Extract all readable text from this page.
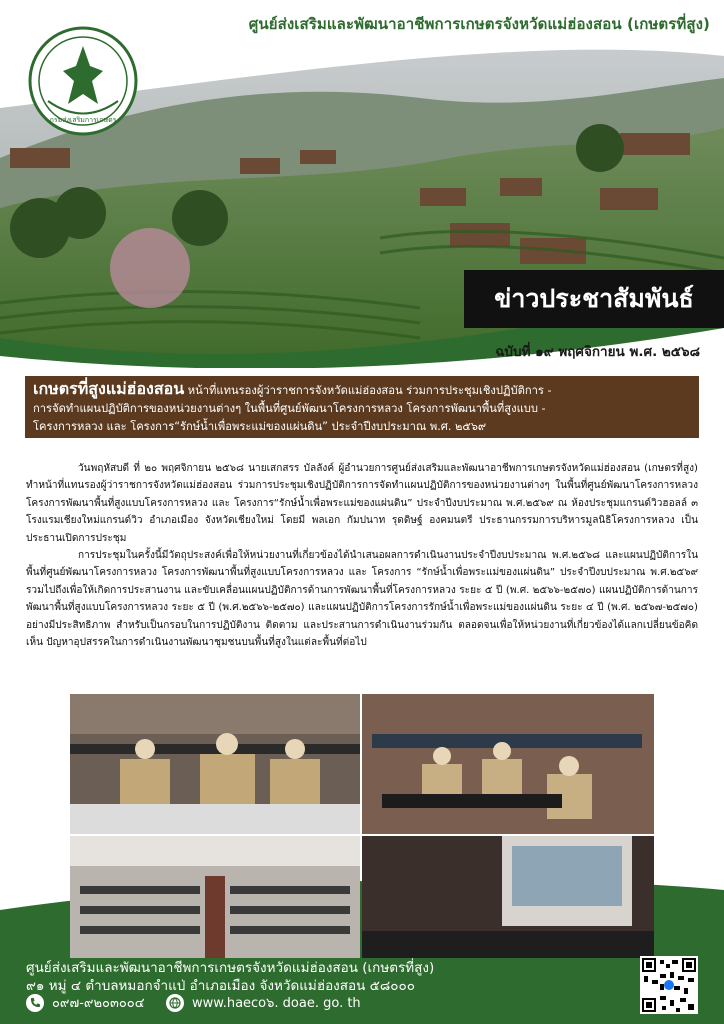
ศูนย์ส่งเสริมและพัฒนาอาชีพการเกษตรจังหวัดแม่ฮ่องสอน (เกษตรที่สูง)
กรมส่งเสริมการเกษตร
ข่าวประชาสัมพันธ์
ฉบับที่ ๑๙ พฤศจิกายน พ.ศ. ๒๕๖๘
เกษตรที่สูงแม่ฮ่องสอน หน้าที่แทนรองผู้ว่าราชการจังหวัดแม่ฮ่องสอน ร่วมการประชุมเชิงปฏิบัติการ -
การจัดทำแผนปฏิบัติการของหน่วยงานต่างๆ ในพื้นที่ศูนย์พัฒนาโครงการหลวง โครงการพัฒนาพื้นที่สูงแบบ -
โครงการหลวง และ โครงการ“รักษ์น้ำเพื่อพระแม่ของแผ่นดิน” ประจำปีงบประมาณ พ.ศ. ๒๕๖๙

วันพฤหัสบดี ที่ ๒๐ พฤศจิกายน ๒๕๖๘ นายเสกสรร บัลลังค์ ผู้อำนวยการศูนย์ส่งเสริมและพัฒนาอาชีพการเกษตรจังหวัดแม่ฮ่องสอน (เกษตรที่สูง) ทำหน้าที่แทนรองผู้ว่าราชการจังหวัดแม่ฮ่องสอน ร่วมการประชุมเชิงปฏิบัติการการจัดทำแผนปฏิบัติการของหน่วยงานต่างๆ ในพื้นที่ศูนย์พัฒนาโครงการหลวง โครงการพัฒนาพื้นที่สูงแบบโครงการหลวง และ โครงการ“รักษ์น้ำเพื่อพระแม่ของแผ่นดิน” ประจำปีงบประมาณ พ.ศ.๒๕๖๙ ณ ห้องประชุมแกรนด์วิวฮอลล์ ๓ โรงแรมเชียงใหม่แกรนด์วิว อำเภอเมือง จังหวัดเชียงใหม่ โดยมี พลเอก กัมปนาท รุดดิษฐ์ องคมนตรี ประธานกรรมการบริหารมูลนิธิโครงการหลวง เป็นประธานเปิดการประชุม

การประชุมในครั้งนี้มีวัตถุประสงค์เพื่อให้หน่วยงานที่เกี่ยวข้องได้นำเสนอผลการดำเนินงานประจำปีงบประมาณ พ.ศ.๒๕๖๘ และแผนปฏิบัติการในพื้นที่ศูนย์พัฒนาโครงการหลวง โครงการพัฒนาพื้นที่สูงแบบโครงการหลวง และ โครงการ “รักษ์น้ำเพื่อพระแม่ของแผ่นดิน” ประจำปีงบประมาณ พ.ศ.๒๕๖๙ รวมไปถึงเพื่อให้เกิดการประสานงาน และขับเคลื่อนแผนปฏิบัติการด้านการพัฒนาพื้นที่โครงการหลวง ระยะ ๕ ปี (พ.ศ. ๒๕๖๖-๒๕๗๐) แผนปฏิบัติการด้านการพัฒนาพื้นที่สูงแบบโครงการหลวง ระยะ ๕ ปี (พ.ศ.๒๕๖๖-๒๕๗๐) และแผนปฏิบัติการโครงการรักษ์น้ำเพื่อพระแม่ของแผ่นดิน ระยะ ๔ ปี (พ.ศ. ๒๕๖๗-๒๕๗๐) อย่างมีประสิทธิภาพ สำหรับเป็นกรอบในการปฏิบัติงาน ติดตาม และประสานการดำเนินงานร่วมกัน ตลอดจนเพื่อให้หน่วยงานที่เกี่ยวข้องได้แลกเปลี่ยนข้อคิดเห็น ปัญหาอุปสรรคในการดำเนินงานพัฒนาชุมชนบนพื้นที่สูงในแต่ละพื้นที่ต่อไป

ศูนย์ส่งเสริมและพัฒนาอาชีพการเกษตรจังหวัดแม่ฮ่องสอน (เกษตรที่สูง)
๙๑ หมู่ ๔ ตำบลหมอกจำแป่ อำเภอเมือง จังหวัดแม่ฮ่องสอน ๕๘๐๐๐
๐๙๗-๙๒๐๓๐๐๔	www.haeco๖. doae. go. th
